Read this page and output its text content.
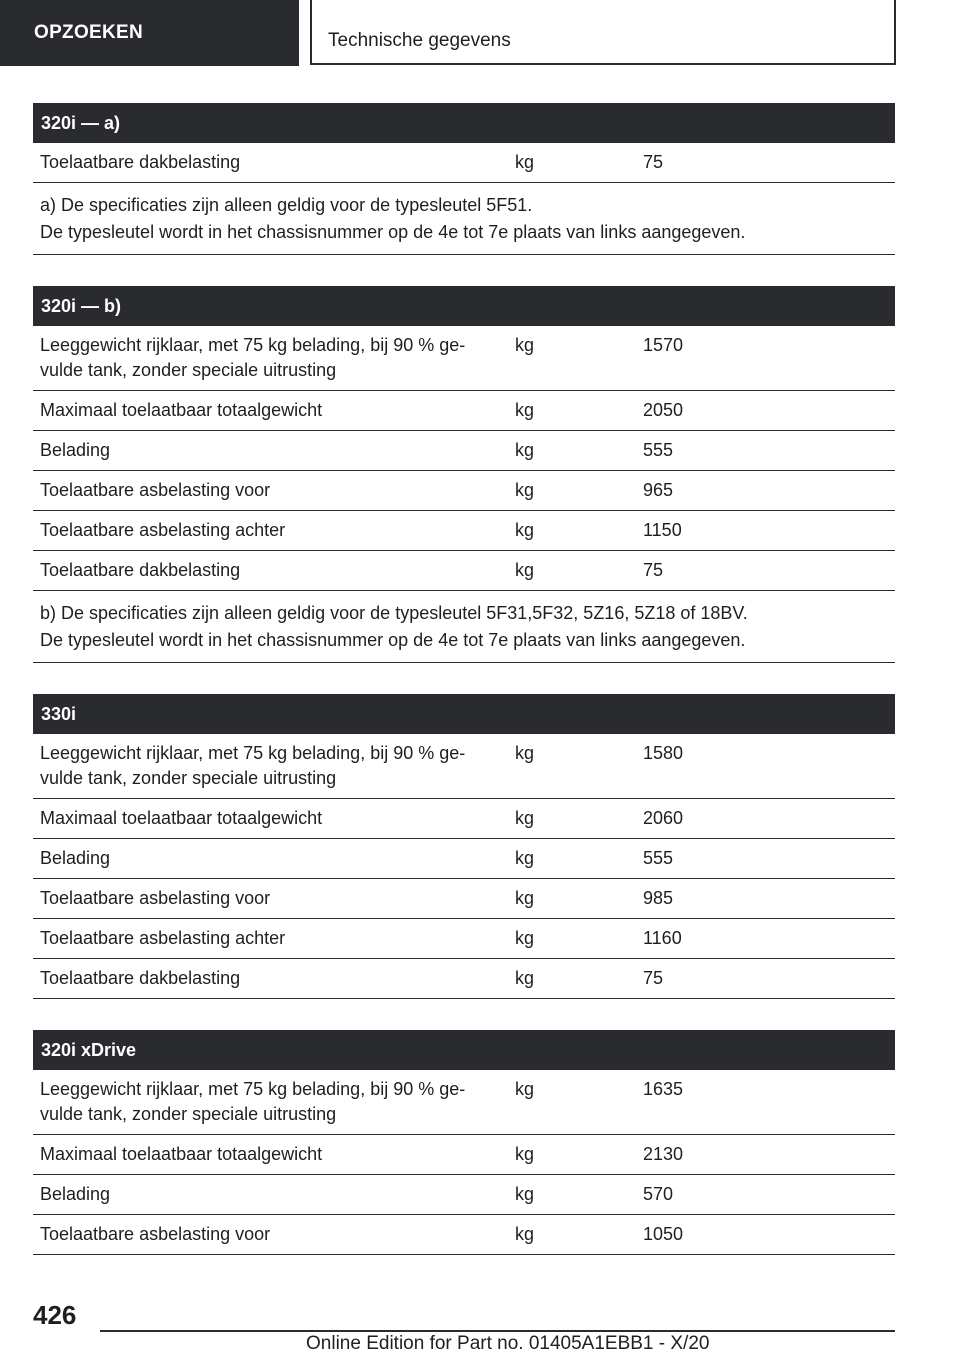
OPZOEKEN	Technische gegevens
320i — a)
Toelaatbare dakbelasting	kg	75

a) De specificaties zijn alleen geldig voor de typesleutel 5F51.
De typesleutel wordt in het chassisnummer op de 4e tot 7e plaats van links aangegeven.
320i — b)		
Leeggewicht rijklaar, met 75 kg belading, bij 90 % ge- vulde tank, zonder speciale uitrusting	kg	1570
Maximaal toelaatbaar totaalgewicht	kg	2050
Belading	kg	555
Toelaatbare asbelasting voor	kg	965
Toelaatbare asbelasting achter	kg	1150
Toelaatbare dakbelasting	kg	75

b) De specificaties zijn alleen geldig voor de typesleutel 5F31,5F32, 5Z16, 5Z18 of 18BV.
De typesleutel wordt in het chassisnummer op de 4e tot 7e plaats van links aangegeven.		
330i		
Leeggewicht rijklaar, met 75 kg belading, bij 90 % ge- vulde tank, zonder speciale uitrusting	kg	1580
Maximaal toelaatbaar totaalgewicht	kg	2060
Belading	kg	555
Toelaatbare asbelasting voor	kg	985
Toelaatbare asbelasting achter	kg	1160
Toelaatbare dakbelasting	kg	75
320i xDrive		
Leeggewicht rijklaar, met 75 kg belading, bij 90 % ge- vulde tank, zonder speciale uitrusting	kg	1635
Maximaal toelaatbaar totaalgewicht	kg	2130
Belading	kg	570
Toelaatbare asbelasting voor	kg	1050
426
Online Edition for Part no. 01405A1EBB1 - X/20
